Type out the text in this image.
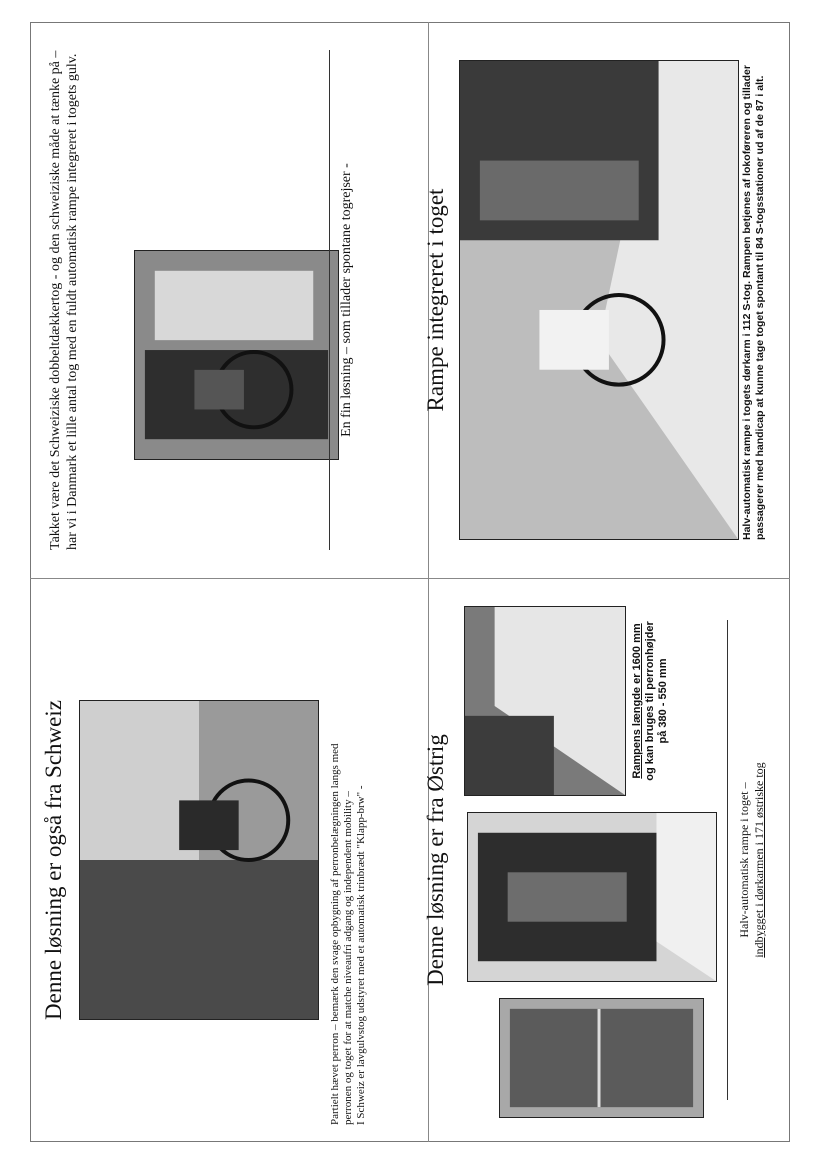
Takket være det Schweiziske dobbeltdækkertog - og den schweiziske måde at tænke på – har vi i Danmark et lille antal tog med en fuldt automatisk rampe integreret i togets gulv.	En fin løsning – som tillader spontane togrejser -	Rampe integreret i toget	Halv-automatisk rampe i togets dørkarm i 112 S-tog. Rampen betjenes af lokoføreren og tillader passagerer med handicap at kunne tage toget spontant til 84 S-togsstationer ud af de 87 i alt.
Denne løsning er også fra Schweiz	Partielt hævet perron – bemærk den svage opbygning af perronbelægningen langs med perronen og toget for at matche niveaufri adgang og independent mobility – I Schweiz er lavgulvstog udstyret med et automatisk trinbrædt "Klapp-brw" - Denne løsning er fra Østrig
Rampens længde er 1600 mm og kan bruges til perronhøjder på 380 - 550 mm
Halv-automatisk rampe i toget – indbygget i dørkarmen i 171 østriske tog
